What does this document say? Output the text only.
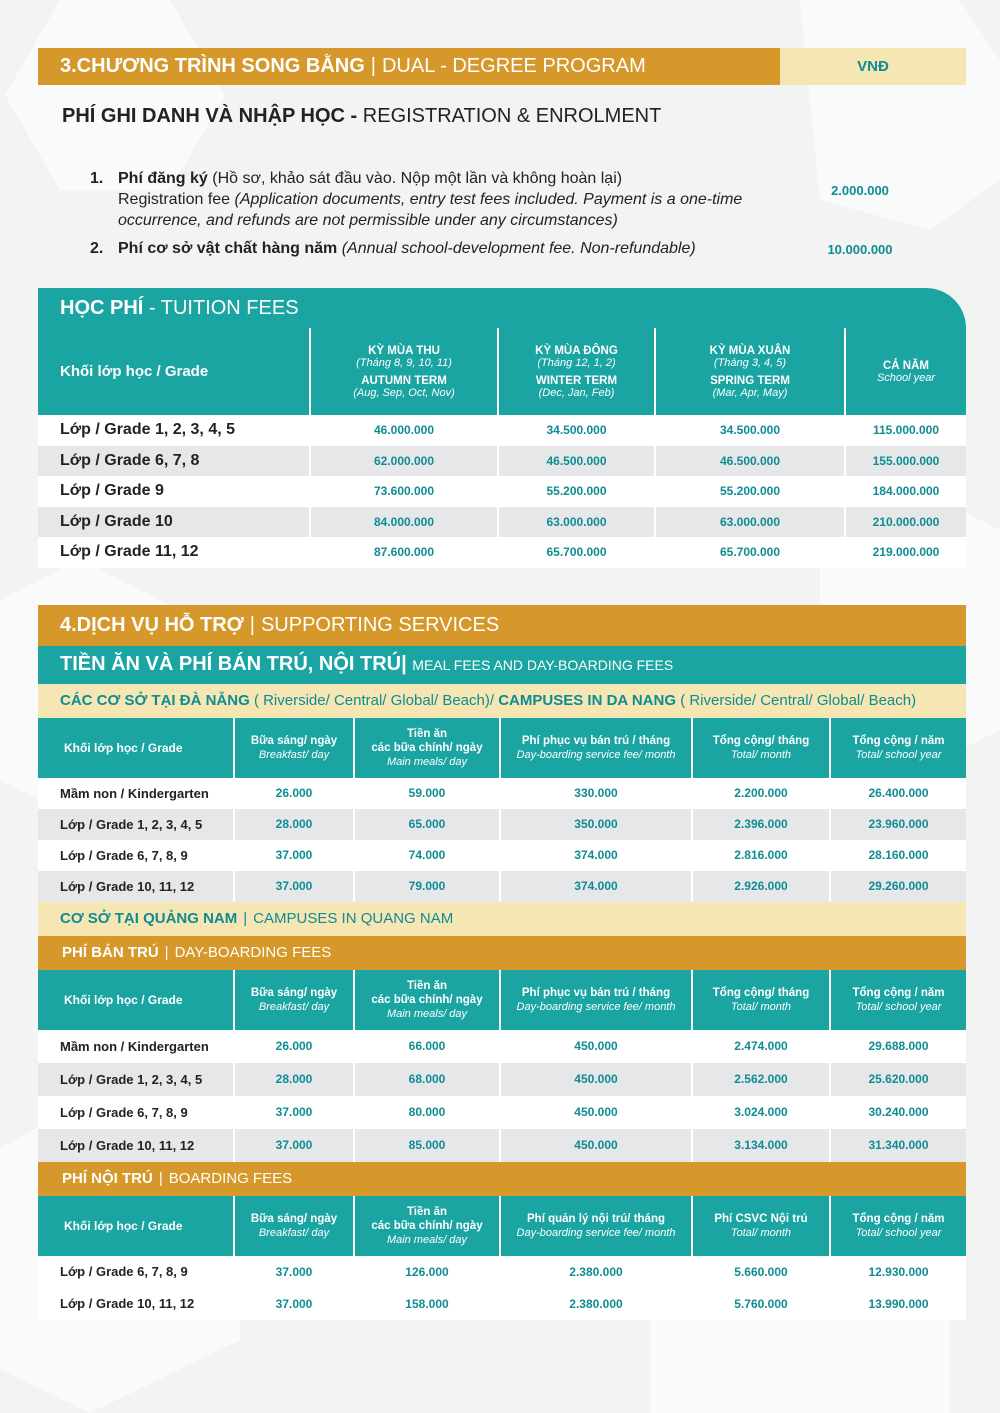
3.CHƯƠNG TRÌNH SONG BẰNG | DUAL - DEGREE PROGRAM	VNĐ
PHÍ GHI DANH VÀ NHẬP HỌC - REGISTRATION & ENROLMENT
1. Phí đăng ký (Hồ sơ, khảo sát đầu vào. Nộp một lần và không hoàn lại)
Registration fee (Application documents, entry test fees included. Payment is a one-time occurrence, and refunds are not permissible under any circumstances)
2.000.000
2. Phí cơ sở vật chất hàng năm (Annual school-development fee. Non-refundable)	10.000.000
HỌC PHÍ
- TUITION FEES
Khối lớp học / Grade	KỲ MÙA THU
(Tháng 8, 9, 10, 11)
AUTUMN TERM
(Aug, Sep, Oct, Nov)	KỲ MÙA ĐÔNG
(Tháng 12, 1, 2)
WINTER TERM
(Dec, Jan, Feb)	KỲ MÙA XUÂN
(Tháng 3, 4, 5)
SPRING TERM
(Mar, Apr, May)	CẢ NĂM
School year

Lớp / Grade 1, 2, 3, 4, 5	46.000.000	34.500.000	34.500.000	115.000.000
Lớp / Grade 6, 7, 8	62.000.000	46.500.000	46.500.000	155.000.000
Lớp / Grade 9	73.600.000	55.200.000	55.200.000	184.000.000
Lớp / Grade 10	84.000.000	63.000.000	63.000.000	210.000.000
Lớp / Grade 11, 12	87.600.000	65.700.000	65.700.000	219.000.000
4.DỊCH VỤ HỖ TRỢ | SUPPORTING SERVICES
TIỀN ĂN VÀ PHÍ BÁN TRÚ, NỘI TRÚ|
MEAL FEES AND DAY-BOARDING FEES
CÁC CƠ SỞ TẠI ĐÀ NẴNG
( Riverside/ Central/ Global/ Beach)/
CAMPUSES IN DA NANG
( Riverside/ Central/ Global/ Beach)
Khối lớp học / Grade	Bữa sáng/ ngày
Breakfast/ day	Tiền ăn
các bữa chính/ ngày
Main meals/ day	Phí phục vụ bán trú / tháng
Day-boarding service fee/ month	Tổng cộng/ tháng
Total/ month	Tổng cộng / năm
Total/ school year

Mầm non / Kindergarten	26.000	59.000	330.000	2.200.000	26.400.000
Lớp / Grade 1, 2, 3, 4, 5	28.000	65.000	350.000	2.396.000	23.960.000
Lớp / Grade 6, 7, 8, 9	37.000	74.000	374.000	2.816.000	28.160.000
Lớp / Grade 10, 11, 12	37.000	79.000	374.000	2.926.000	29.260.000
CƠ SỞ TẠI QUẢNG NAM | CAMPUSES IN QUANG NAM
PHÍ BÁN TRÚ | DAY-BOARDING FEES
Khối lớp học / Grade	Bữa sáng/ ngày
Breakfast/ day	Tiền ăn
các bữa chính/ ngày
Main meals/ day	Phí phục vụ bán trú / tháng
Day-boarding service fee/ month	Tổng cộng/ tháng
Total/ month	Tổng cộng / năm
Total/ school year

Mầm non / Kindergarten	26.000	66.000	450.000	2.474.000	29.688.000
Lớp / Grade 1, 2, 3, 4, 5	28.000	68.000	450.000	2.562.000	25.620.000
Lớp / Grade 6, 7, 8, 9	37.000	80.000	450.000	3.024.000	30.240.000
Lớp / Grade 10, 11, 12	37.000	85.000	450.000	3.134.000	31.340.000
PHÍ NỘI TRÚ | BOARDING FEES
Khối lớp học / Grade	Bữa sáng/ ngày
Breakfast/ day	Tiền ăn
các bữa chính/ ngày
Main meals/ day	Phí quản lý nội trú/ tháng
Day-boarding service fee/ month	Phí CSVC Nội trú
Total/ month	Tổng cộng / năm
Total/ school year

Lớp / Grade 6, 7, 8, 9	37.000	126.000	2.380.000	5.660.000	12.930.000
Lớp / Grade 10, 11, 12	37.000	158.000	2.380.000	5.760.000	13.990.000
